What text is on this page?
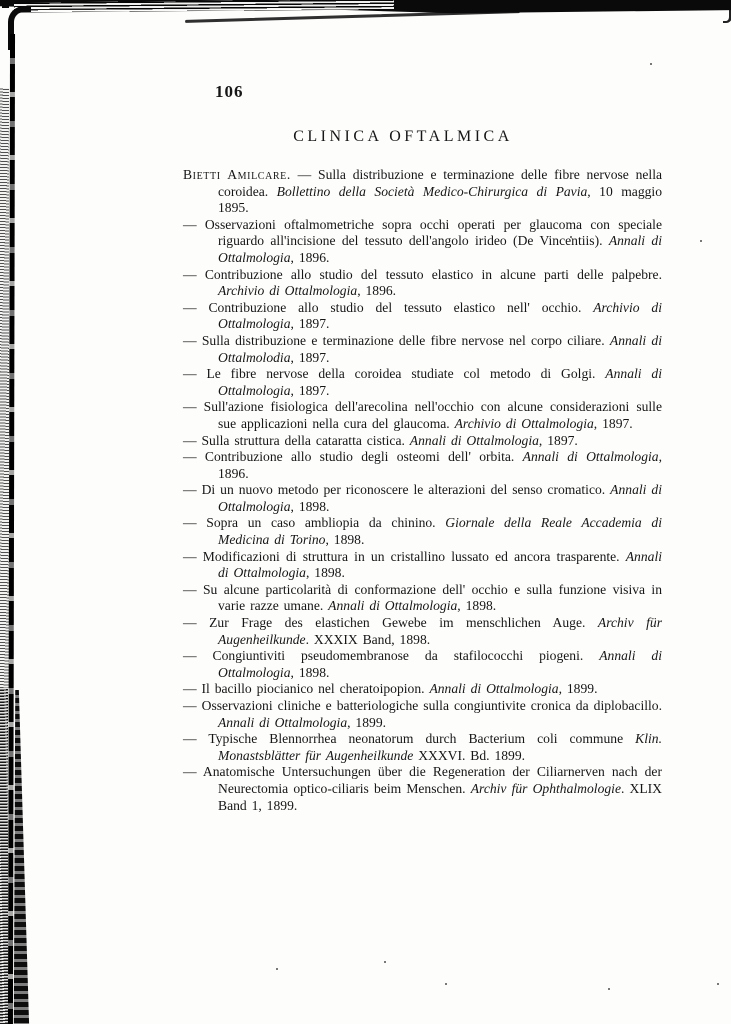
106
CLINICA OFTALMICA
Bietti Amilcare. — Sulla distribuzione e terminazione delle fibre nervose nella coroidea. Bollettino della Società Medico-Chirurgica di Pavia, 10 maggio 1895.
— Osservazioni oftalmometriche sopra occhi operati per glaucoma con speciale riguardo all'incisione del tessuto dell'angolo irideo (De Vincentiis). Annali di Ottalmologia, 1896.
— Contribuzione allo studio del tessuto elastico in alcune parti delle palpebre. Archivio di Ottalmologia, 1896.
— Contribuzione allo studio del tessuto elastico nell' occhio. Archivio di Ottalmologia, 1897.
— Sulla distribuzione e terminazione delle fibre nervose nel corpo ciliare. Annali di Ottalmolodia, 1897.
— Le fibre nervose della coroidea studiate col metodo di Golgi. Annali di Ottalmologia, 1897.
— Sull'azione fisiologica dell'arecolina nell'occhio con alcune considerazioni sulle sue applicazioni nella cura del glaucoma. Archivio di Ottalmologia, 1897.
— Sulla struttura della cataratta cistica. Annali di Ottalmologia, 1897.
— Contribuzione allo studio degli osteomi dell' orbita. Annali di Ottalmologia, 1896.
— Di un nuovo metodo per riconoscere le alterazioni del senso cromatico. Annali di Ottalmologia, 1898.
— Sopra un caso ambliopia da chinino. Giornale della Reale Accademia di Medicina di Torino, 1898.
— Modificazioni di struttura in un cristallino lussato ed ancora trasparente. Annali di Ottalmologia, 1898.
— Su alcune particolarità di conformazione dell' occhio e sulla funzione visiva in varie razze umane. Annali di Ottalmologia, 1898.
— Zur Frage des elastichen Gewebe im menschlichen Auge. Archiv für Augenheilkunde. XXXIX Band, 1898.
— Congiuntiviti pseudomembranose da stafilococchi piogeni. Annali di Ottalmologia, 1898.
— Il bacillo piocianico nel cheratoipopion. Annali di Ottalmologia, 1899.
— Osservazioni cliniche e batteriologiche sulla congiuntivite cronica da diplobacillo. Annali di Ottalmologia, 1899.
— Typische Blennorrhea neonatorum durch Bacterium coli commune Klin. Monastsblätter für Augenheilkunde XXXVI. Bd. 1899.
— Anatomische Untersuchungen über die Regeneration der Ciliarnerven nach der Neurectomia optico-ciliaris beim Menschen. Archiv für Ophthalmologie. XLIX Band 1, 1899.
